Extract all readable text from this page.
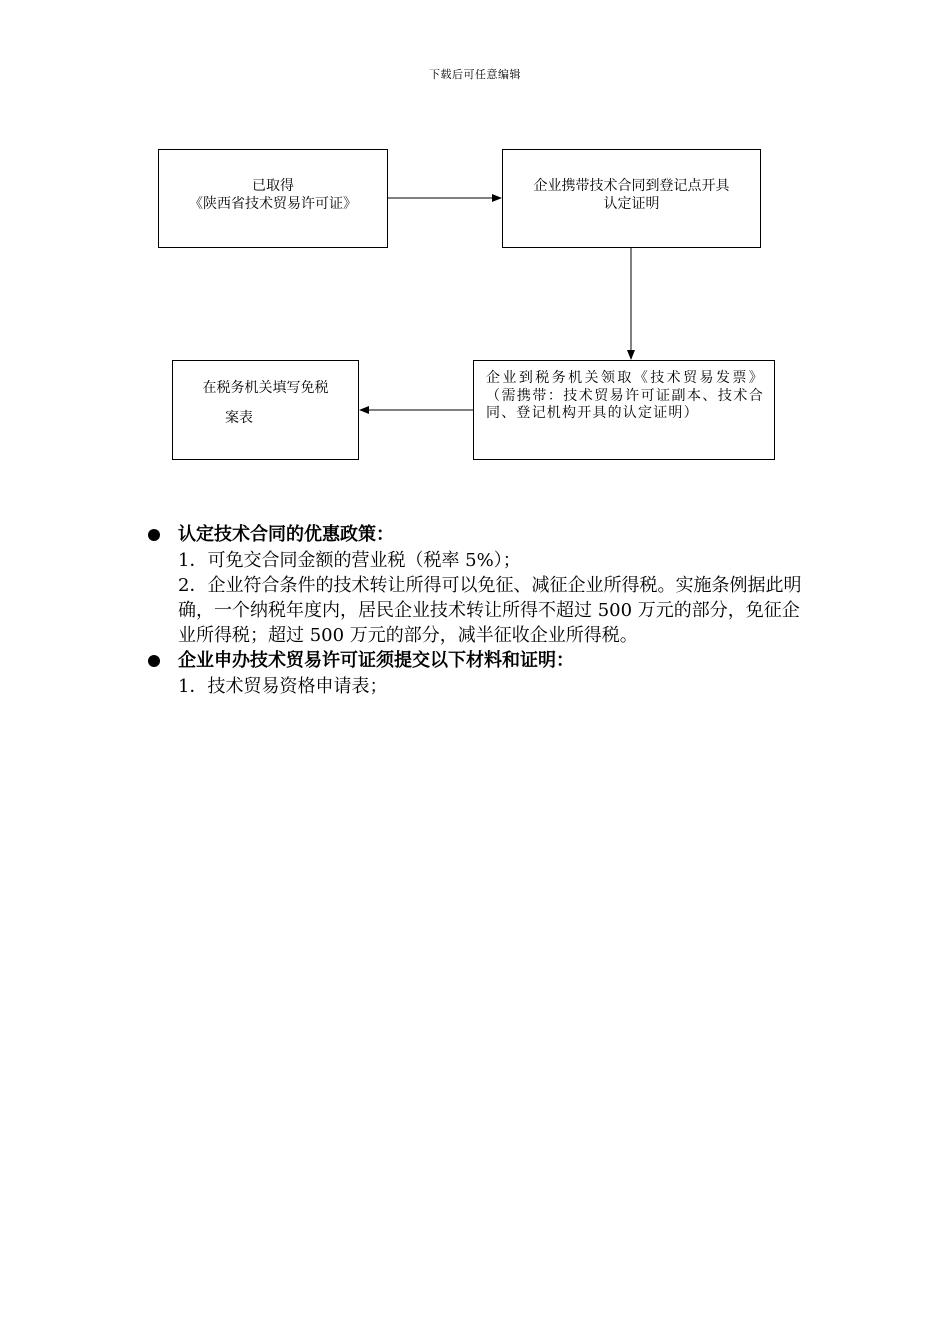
下载后可任意编辑
已取得
《陕西省技术贸易许可证》
企业携带技术合同到登记点开具
认定证明
企业到税务机关领取《技术贸易发票》（需携带：技术贸易许可证副本、技术合同、登记机构开具的认定证明）
在税务机关填写免税
案表
认定技术合同的优惠政策：
1．可免交合同金额的营业税（税率 5%）；
2．企业符合条件的技术转让所得可以免征、减征企业所得税。实施条例据此明确，一个纳税年度内，居民企业技术转让所得不超过 500 万元的部分，免征企业所得税；超过 500 万元的部分，减半征收企业所得税。
企业申办技术贸易许可证须提交以下材料和证明：
1．技术贸易资格申请表；
